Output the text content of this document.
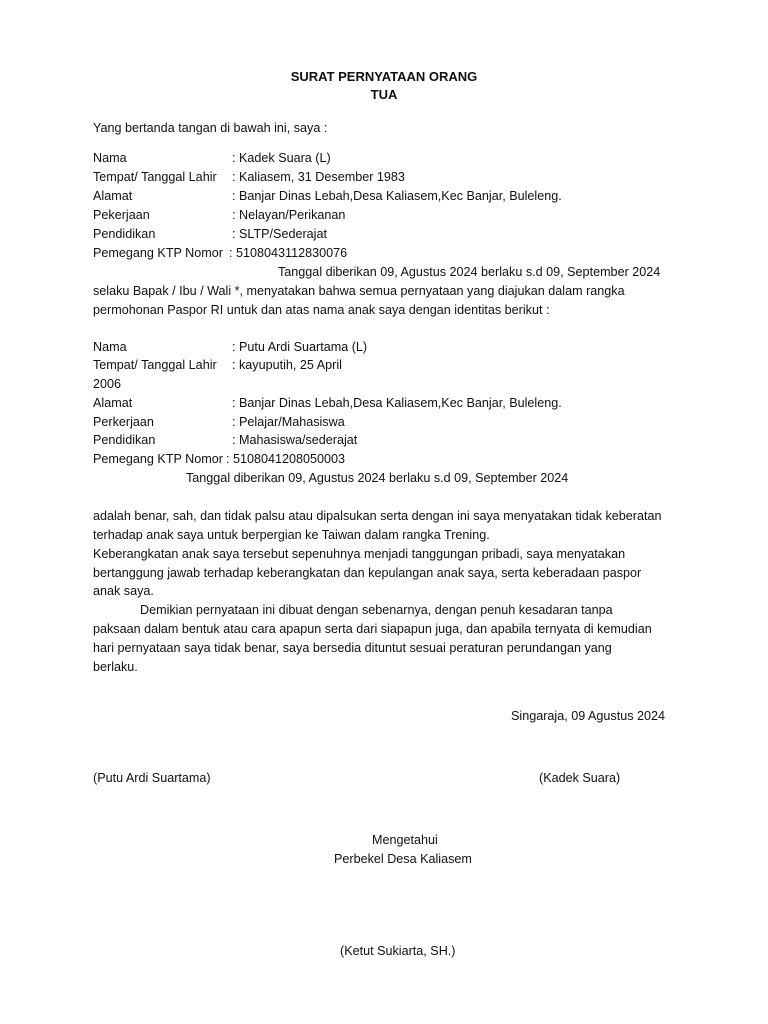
SURAT PERNYATAAN ORANG
TUA
Yang bertanda tangan di bawah ini, saya :
Nama	: Kadek Suara (L)
Tempat/ Tanggal Lahir : Kaliasem, 31 Desember 1983
Alamat	: Banjar Dinas Lebah,Desa Kaliasem,Kec Banjar, Buleleng.
Pekerjaan	: Nelayan/Perikanan
Pendidikan	: SLTP/Sederajat
Pemegang KTP Nomor : 5108043112830076
Tanggal diberikan 09, Agustus 2024 berlaku s.d 09, September 2024
selaku Bapak / Ibu / Wali *, menyatakan bahwa semua pernyataan yang diajukan dalam rangka
permohonan Paspor RI untuk dan atas nama anak saya dengan identitas berikut :
Nama	: Putu Ardi Suartama (L)
Tempat/ Tanggal Lahir : kayuputih, 25 April
2006
Alamat	: Banjar Dinas Lebah,Desa Kaliasem,Kec Banjar, Buleleng.
Perkerjaan	: Pelajar/Mahasiswa
Pendidikan	: Mahasiswa/sederajat
Pemegang KTP Nomor : 5108041208050003
Tanggal diberikan 09, Agustus 2024 berlaku s.d 09, September 2024
adalah benar, sah, dan tidak palsu atau dipalsukan serta dengan ini saya menyatakan tidak keberatan
terhadap anak saya untuk berpergian ke Taiwan dalam rangka Trening.
Keberangkatan anak saya tersebut sepenuhnya menjadi tanggungan pribadi, saya menyatakan
bertanggung jawab terhadap keberangkatan dan kepulangan anak saya, serta keberadaan paspor
anak saya.
Demikian pernyataan ini dibuat dengan sebenarnya, dengan penuh kesadaran tanpa
paksaan dalam bentuk atau cara apapun serta dari siapapun juga, dan apabila ternyata di kemudian
hari pernyataan saya tidak benar, saya bersedia dituntut sesuai peraturan perundangan yang
berlaku.
Singaraja, 09 Agustus 2024
(Putu Ardi Suartama)	(Kadek Suara)
Mengetahui
Perbekel Desa Kaliasem
(Ketut Sukiarta, SH.)
